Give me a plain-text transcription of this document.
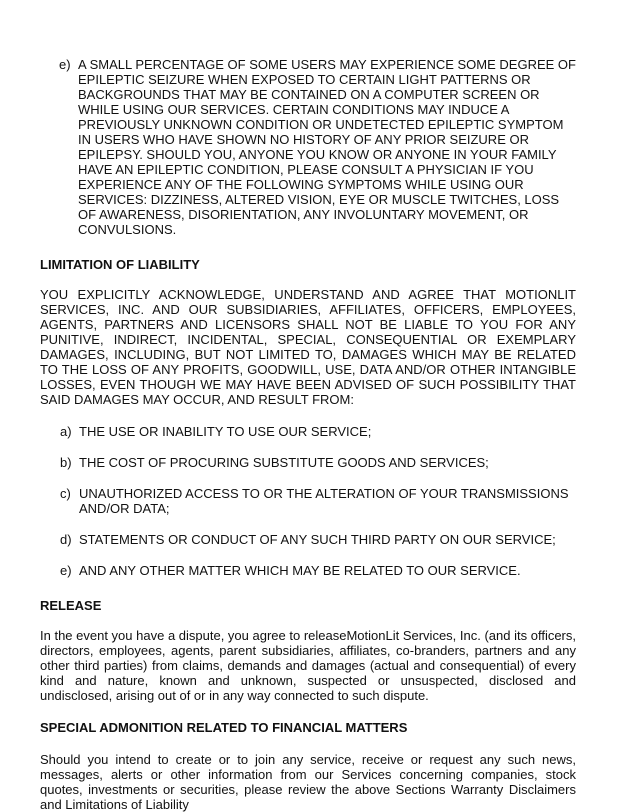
e) A SMALL PERCENTAGE OF SOME USERS MAY EXPERIENCE SOME DEGREE OF EPILEPTIC SEIZURE WHEN EXPOSED TO CERTAIN LIGHT PATTERNS OR BACKGROUNDS THAT MAY BE CONTAINED ON A COMPUTER SCREEN OR WHILE USING OUR SERVICES. CERTAIN CONDITIONS MAY INDUCE A PREVIOUSLY UNKNOWN CONDITION OR UNDETECTED EPILEPTIC SYMPTOM IN USERS WHO HAVE SHOWN NO HISTORY OF ANY PRIOR SEIZURE OR EPILEPSY. SHOULD YOU, ANYONE YOU KNOW OR ANYONE IN YOUR FAMILY HAVE AN EPILEPTIC CONDITION, PLEASE CONSULT A PHYSICIAN IF YOU EXPERIENCE ANY OF THE FOLLOWING SYMPTOMS WHILE USING OUR SERVICES: DIZZINESS, ALTERED VISION, EYE OR MUSCLE TWITCHES, LOSS OF AWARENESS, DISORIENTATION, ANY INVOLUNTARY MOVEMENT, OR CONVULSIONS.
LIMITATION OF LIABILITY

YOU EXPLICITLY ACKNOWLEDGE, UNDERSTAND AND AGREE THAT MOTIONLIT SERVICES, INC. AND OUR SUBSIDIARIES, AFFILIATES, OFFICERS, EMPLOYEES, AGENTS, PARTNERS AND LICENSORS SHALL NOT BE LIABLE TO YOU FOR ANY PUNITIVE, INDIRECT, INCIDENTAL, SPECIAL, CONSEQUENTIAL OR EXEMPLARY DAMAGES, INCLUDING, BUT NOT LIMITED TO, DAMAGES WHICH MAY BE RELATED TO THE LOSS OF ANY PROFITS, GOODWILL, USE, DATA AND/OR OTHER INTANGIBLE LOSSES, EVEN THOUGH WE MAY HAVE BEEN ADVISED OF SUCH POSSIBILITY THAT SAID DAMAGES MAY OCCUR, AND RESULT FROM:

a) THE USE OR INABILITY TO USE OUR SERVICE;
b) THE COST OF PROCURING SUBSTITUTE GOODS AND SERVICES;
c) UNAUTHORIZED ACCESS TO OR THE ALTERATION OF YOUR TRANSMISSIONS AND/OR DATA;
d) STATEMENTS OR CONDUCT OF ANY SUCH THIRD PARTY ON OUR SERVICE;
e) AND ANY OTHER MATTER WHICH MAY BE RELATED TO OUR SERVICE.
RELEASE

In the event you have a dispute, you agree to releaseMotionLit Services, Inc. (and its officers, directors, employees, agents, parent subsidiaries, affiliates, co-branders, partners and any other third parties) from claims, demands and damages (actual and consequential) of every kind and nature, known and unknown, suspected or unsuspected, disclosed and undisclosed, arising out of or in any way connected to such dispute.

SPECIAL ADMONITION RELATED TO FINANCIAL MATTERS

Should you intend to create or to join any service, receive or request any such news, messages, alerts or other information from our Services concerning companies, stock quotes, investments or securities, please review the above Sections Warranty Disclaimers and Limitations of Liability
